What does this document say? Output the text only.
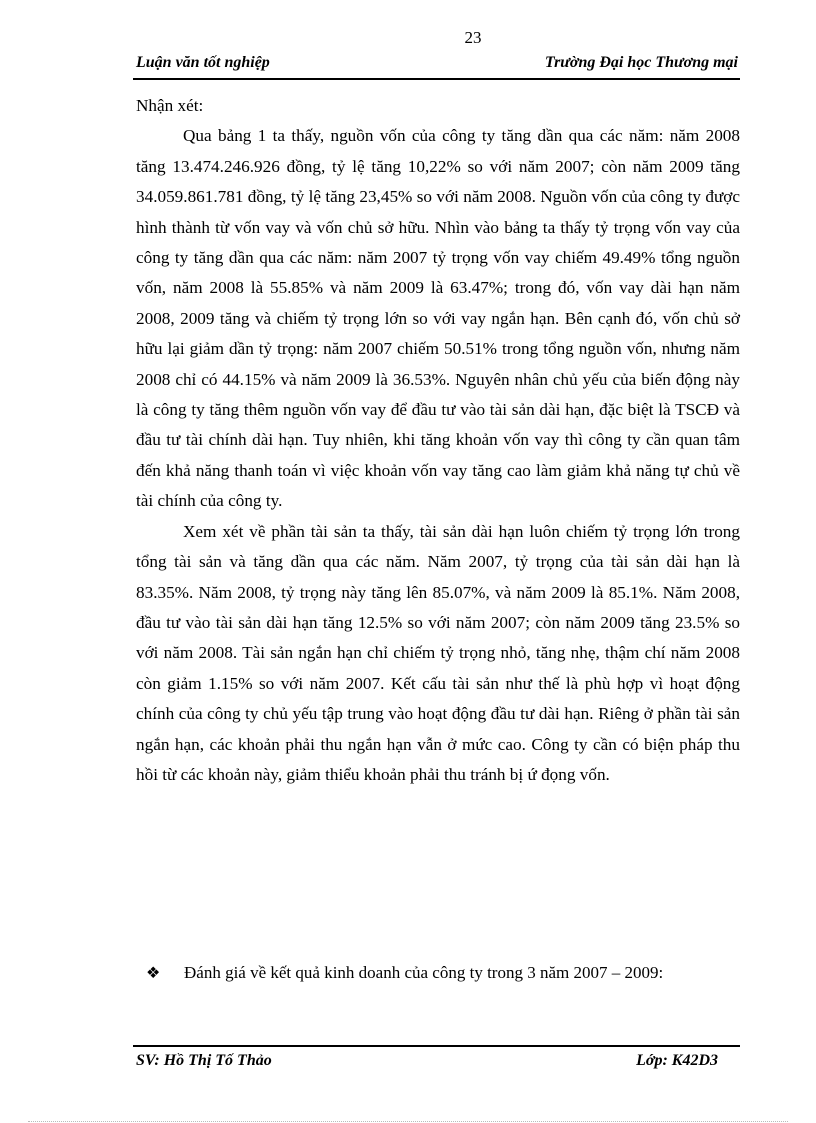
23
Luận văn tốt nghiệp	Trường Đại học Thương mại

Nhận xét:

Qua bảng 1 ta thấy, nguồn vốn của công ty tăng dần qua các năm: năm 2008 tăng 13.474.246.926 đồng, tỷ lệ tăng 10,22% so với năm 2007; còn năm 2009 tăng 34.059.861.781 đồng, tỷ lệ tăng 23,45% so với năm 2008. Nguồn vốn của công ty được hình thành từ vốn vay và vốn chủ sở hữu. Nhìn vào bảng ta thấy tỷ trọng vốn vay của công ty tăng dần qua các năm: năm 2007 tỷ trọng vốn vay chiếm 49.49% tổng nguồn vốn, năm 2008 là 55.85% và năm 2009 là 63.47%; trong đó, vốn vay dài hạn năm 2008, 2009 tăng và chiếm tỷ trọng lớn so với vay ngắn hạn. Bên cạnh đó, vốn chủ sở hữu lại giảm dần tỷ trọng: năm 2007 chiếm 50.51% trong tổng nguồn vốn, nhưng năm 2008 chỉ có 44.15% và năm 2009 là 36.53%. Nguyên nhân chủ yếu của biến động này là công ty tăng thêm nguồn vốn vay để đầu tư vào tài sản dài hạn, đặc biệt là TSCĐ và đầu tư tài chính dài hạn. Tuy nhiên, khi tăng khoản vốn vay thì công ty cần quan tâm đến khả năng thanh toán vì việc khoản vốn vay tăng cao làm giảm khả năng tự chủ về tài chính của công ty.

Xem xét về phần tài sản ta thấy, tài sản dài hạn luôn chiếm tỷ trọng lớn trong tổng tài sản và tăng dần qua các năm. Năm 2007, tỷ trọng của tài sản dài hạn là 83.35%. Năm 2008, tỷ trọng này tăng lên 85.07%, và năm 2009 là 85.1%. Năm 2008, đầu tư vào tài sản dài hạn tăng 12.5% so với năm 2007; còn năm 2009 tăng 23.5% so với năm 2008. Tài sản ngắn hạn chỉ chiếm tỷ trọng nhỏ, tăng nhẹ, thậm chí năm 2008 còn giảm 1.15% so với năm 2007. Kết cấu tài sản như thế là phù hợp vì hoạt động chính của công ty chủ yếu tập trung vào hoạt động đầu tư dài hạn. Riêng ở phần tài sản ngắn hạn, các khoản phải thu ngắn hạn vẫn ở mức cao. Công ty cần có biện pháp thu hồi từ các khoản này, giảm thiểu khoản phải thu tránh bị ứ đọng vốn.

❖ Đánh giá về kết quả kinh doanh của công ty trong 3 năm 2007 – 2009:
SV: Hồ Thị Tố Thảo	Lớp: K42D3
